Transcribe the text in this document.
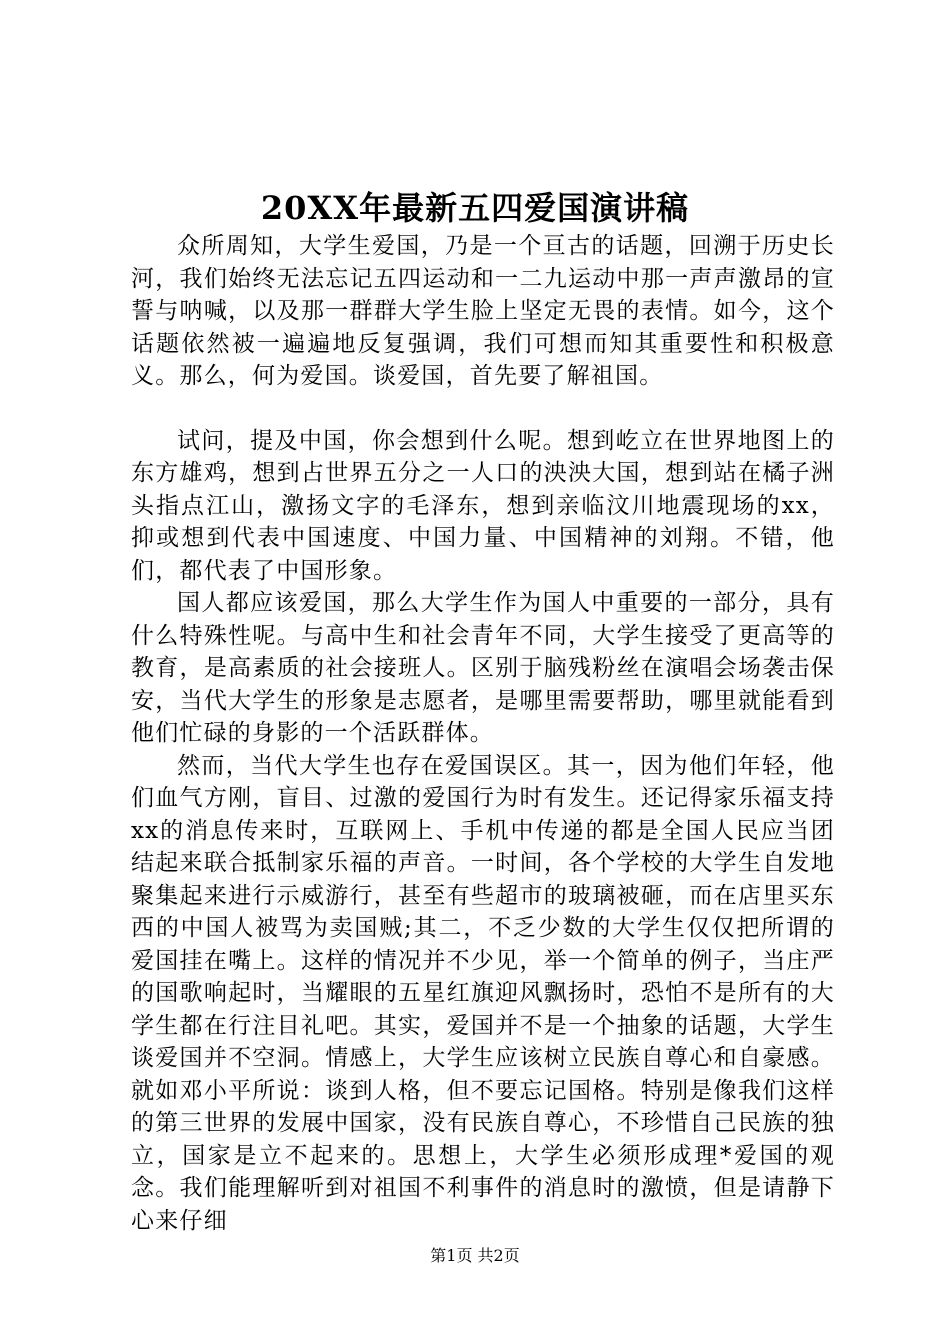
20XX年最新五四爱国演讲稿

众所周知，大学生爱国，乃是一个亘古的话题，回溯于历史长河，我们始终无法忘记五四运动和一二九运动中那一声声激昂的宣誓与呐喊，以及那一群群大学生脸上坚定无畏的表情。如今，这个话题依然被一遍遍地反复强调，我们可想而知其重要性和积极意义。那么，何为爱国。谈爱国，首先要了解祖国。

试问，提及中国，你会想到什么呢。想到屹立在世界地图上的东方雄鸡，想到占世界五分之一人口的泱泱大国，想到站在橘子洲头指点江山，激扬文字的毛泽东，想到亲临汶川地震现场的xx，抑或想到代表中国速度、中国力量、中国精神的刘翔。不错，他们，都代表了中国形象。

国人都应该爱国，那么大学生作为国人中重要的一部分，具有什么特殊性呢。与高中生和社会青年不同，大学生接受了更高等的教育，是高素质的社会接班人。区别于脑残粉丝在演唱会场袭击保安，当代大学生的形象是志愿者，是哪里需要帮助，哪里就能看到他们忙碌的身影的一个活跃群体。

然而，当代大学生也存在爱国误区。其一，因为他们年轻，他们血气方刚，盲目、过激的爱国行为时有发生。还记得家乐福支持xx的消息传来时，互联网上、手机中传递的都是全国人民应当团结起来联合抵制家乐福的声音。一时间，各个学校的大学生自发地聚集起来进行示威游行，甚至有些超市的玻璃被砸，而在店里买东西的中国人被骂为卖国贼;其二，不乏少数的大学生仅仅把所谓的爱国挂在嘴上。这样的情况并不少见，举一个简单的例子，当庄严的国歌响起时，当耀眼的五星红旗迎风飘扬时，恐怕不是所有的大学生都在行注目礼吧。其实，爱国并不是一个抽象的话题，大学生谈爱国并不空洞。情感上，大学生应该树立民族自尊心和自豪感。就如邓小平所说：谈到人格，但不要忘记国格。特别是像我们这样的第三世界的发展中国家，没有民族自尊心，不珍惜自己民族的独立，国家是立不起来的。思想上，大学生必须形成理*爱国的观念。我们能理解听到对祖国不利事件的消息时的激愤，但是请静下心来仔细

第1页 共2页
